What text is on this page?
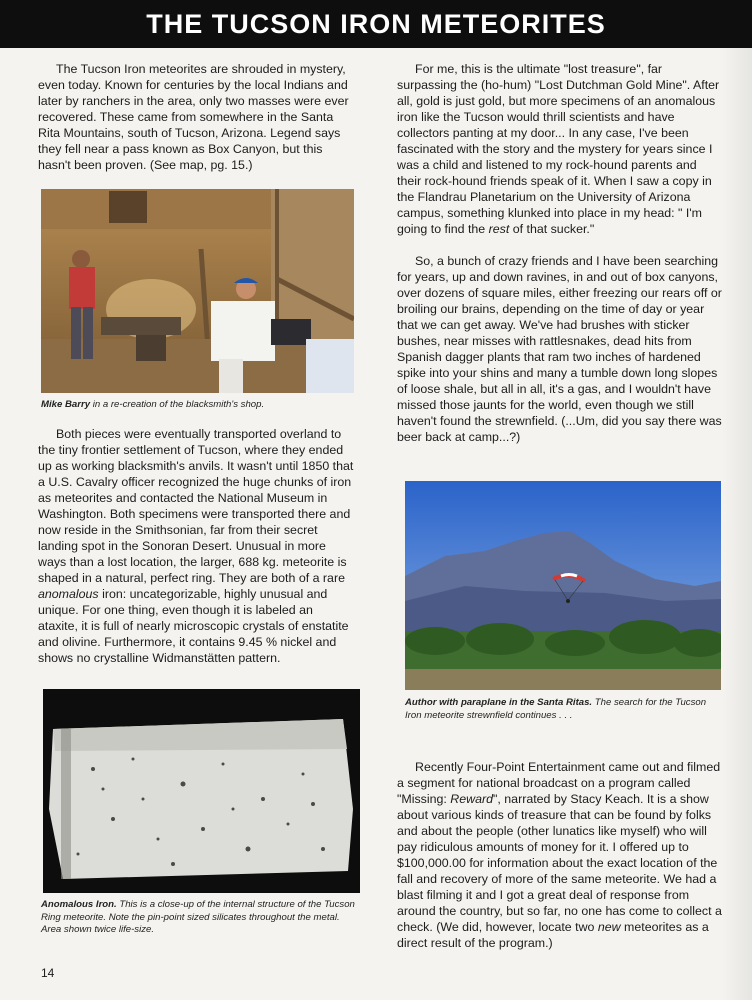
THE TUCSON IRON METEORITES

The Tucson Iron meteorites are shrouded in mystery, even today. Known for centuries by the local Indians and later by ranchers in the area, only two masses were ever recovered. These came from somewhere in the Santa Rita Mountains, south of Tucson, Arizona. Legend says they fell near a pass known as Box Canyon, but this hasn't been proven. (See map, pg. 15.)

Mike Barry in a re-creation of the blacksmith's shop.

Both pieces were eventually transported overland to the tiny frontier settlement of Tucson, where they ended up as working blacksmith's anvils. It wasn't until 1850 that a U.S. Cavalry officer recognized the huge chunks of iron as meteorites and contacted the National Museum in Washington. Both specimens were transported there and now reside in the Smithsonian, far from their secret landing spot in the Sonoran Desert. Unusual in more ways than a lost location, the larger, 688 kg. meteorite is shaped in a natural, perfect ring. They are both of a rare anomalous iron: uncategorizable, highly unusual and unique. For one thing, even though it is labeled an ataxite, it is full of nearly microscopic crystals of enstatite and olivine. Furthermore, it contains 9.45 % nickel and shows no crystalline Widmanstätten pattern.

Anomalous Iron. This is a close-up of the internal structure of the Tucson Ring meteorite. Note the pin-point sized silicates throughout the metal. Area shown twice life-size.

For me, this is the ultimate "lost treasure", far surpassing the (ho-hum) "Lost Dutchman Gold Mine". After all, gold is just gold, but more specimens of an anomalous iron like the Tucson would thrill scientists and have collectors panting at my door... In any case, I've been fascinated with the story and the mystery for years since I was a child and listened to my rock-hound parents and their rock-hound friends speak of it. When I saw a copy in the Flandrau Planetarium on the University of Arizona campus, something klunked into place in my head: " I'm going to find the rest of that sucker."

So, a bunch of crazy friends and I have been searching for years, up and down ravines, in and out of box canyons, over dozens of square miles, either freezing our rears off or broiling our brains, depending on the time of day or year that we can get away. We've had brushes with sticker bushes, near misses with rattlesnakes, dead hits from Spanish dagger plants that ram two inches of hardened spike into your shins and many a tumble down long slopes of loose shale, but all in all, it's a gas, and I wouldn't have missed those jaunts for the world, even though we still haven't found the strewnfield. (...Um, did you say there was beer back at camp...?)

Author with paraplane in the Santa Ritas. The search for the Tucson Iron meteorite strewnfield continues . . .

Recently Four-Point Entertainment came out and filmed a segment for national broadcast on a program called "Missing: Reward", narrated by Stacy Keach. It is a show about various kinds of treasure that can be found by folks and about the people (other lunatics like myself) who will pay ridiculous amounts of money for it. I offered up to $100,000.00 for information about the exact location of the fall and recovery of more of the same meteorite. We had a blast filming it and I got a great deal of response from around the country, but so far, no one has come to collect a check. (We did, however, locate two new meteorites as a direct result of the program.)

14
